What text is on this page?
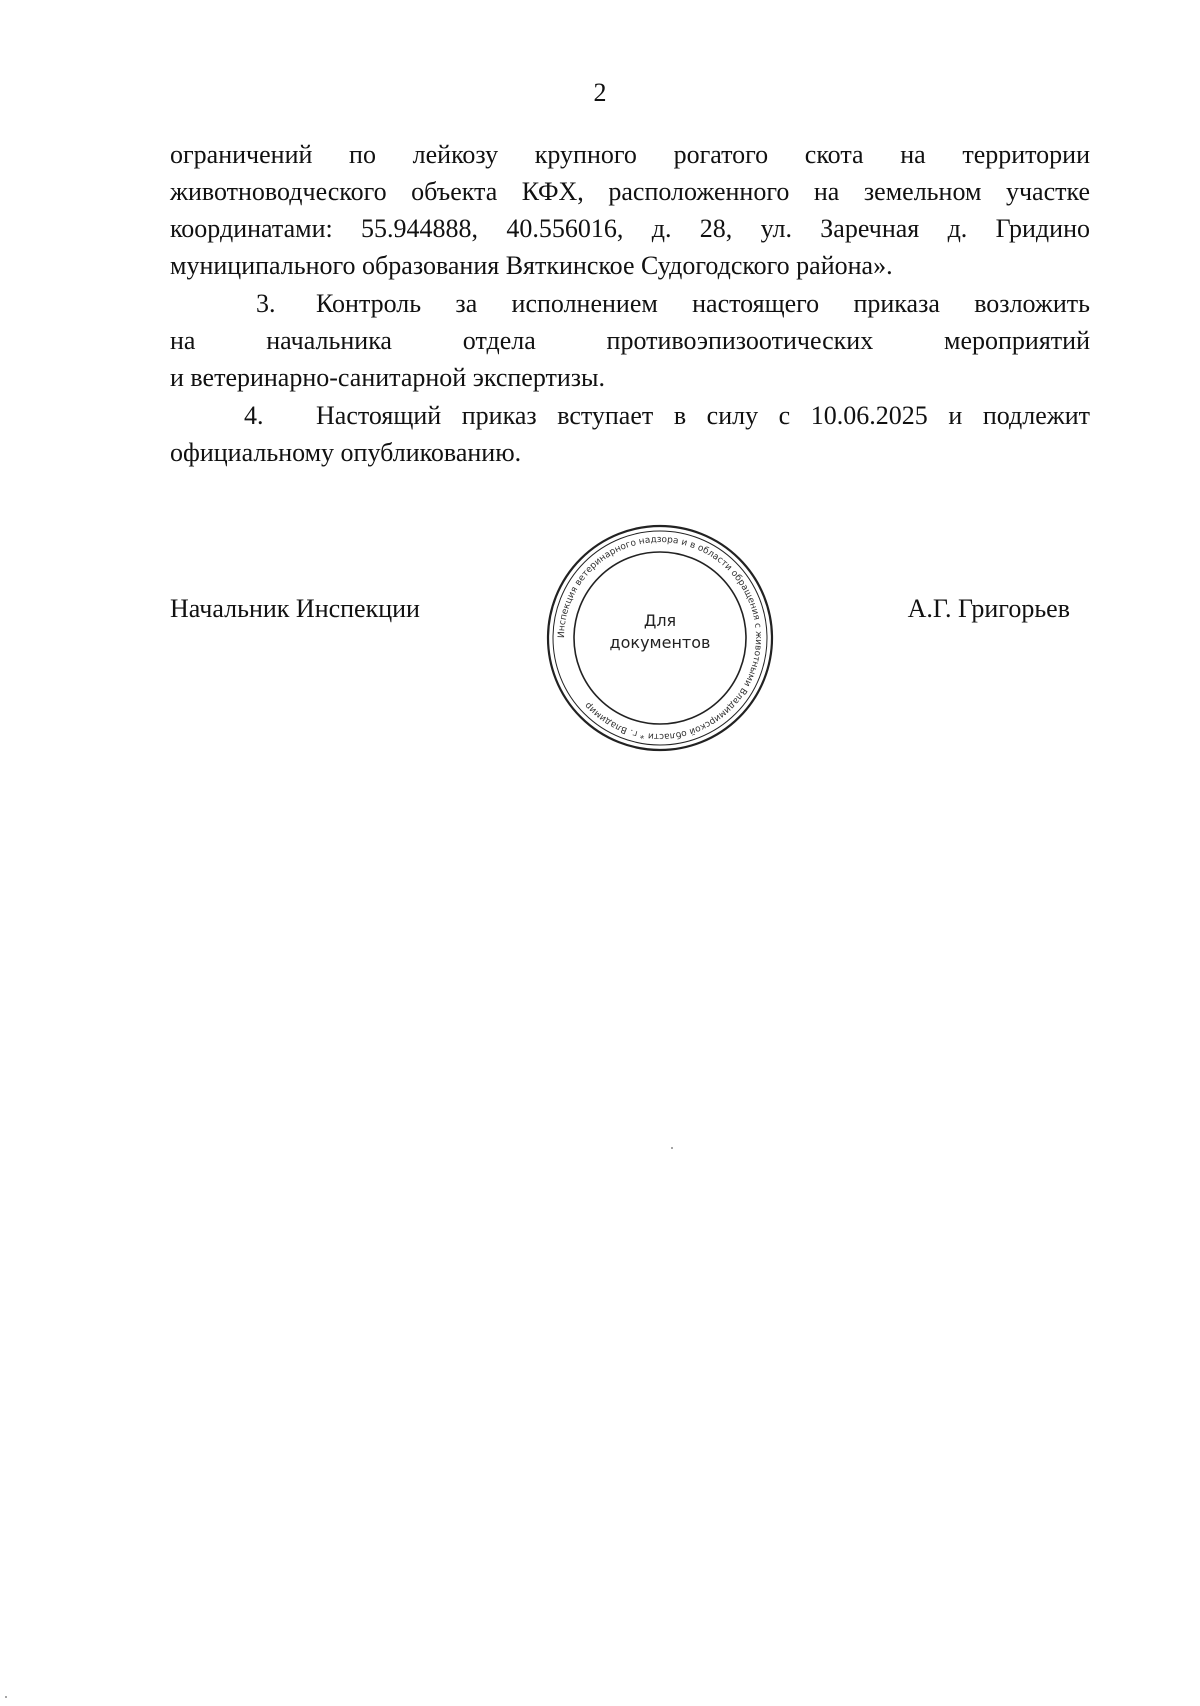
2
ограничений по лейкозу крупного рогатого скота на территории
животноводческого объекта КФХ, расположенного на земельном участке
координатами: 55.944888, 40.556016, д. 28, ул. Заречная д. Гридино
муниципального образования Вяткинское Судогодского района».
3.	Контроль за исполнением настоящего приказа возложить
на начальника отдела противоэпизоотических мероприятий
и ветеринарно-санитарной экспертизы.
4.	Настоящий приказ вступает в силу с 10.06.2025 и подлежит
официальному опубликованию.
Начальник Инспекции	А.Г. Григорьев
Инспекция ветеринарного надзора и в области обращения с животными Владимирской области * г. Владимир
Для
документов
